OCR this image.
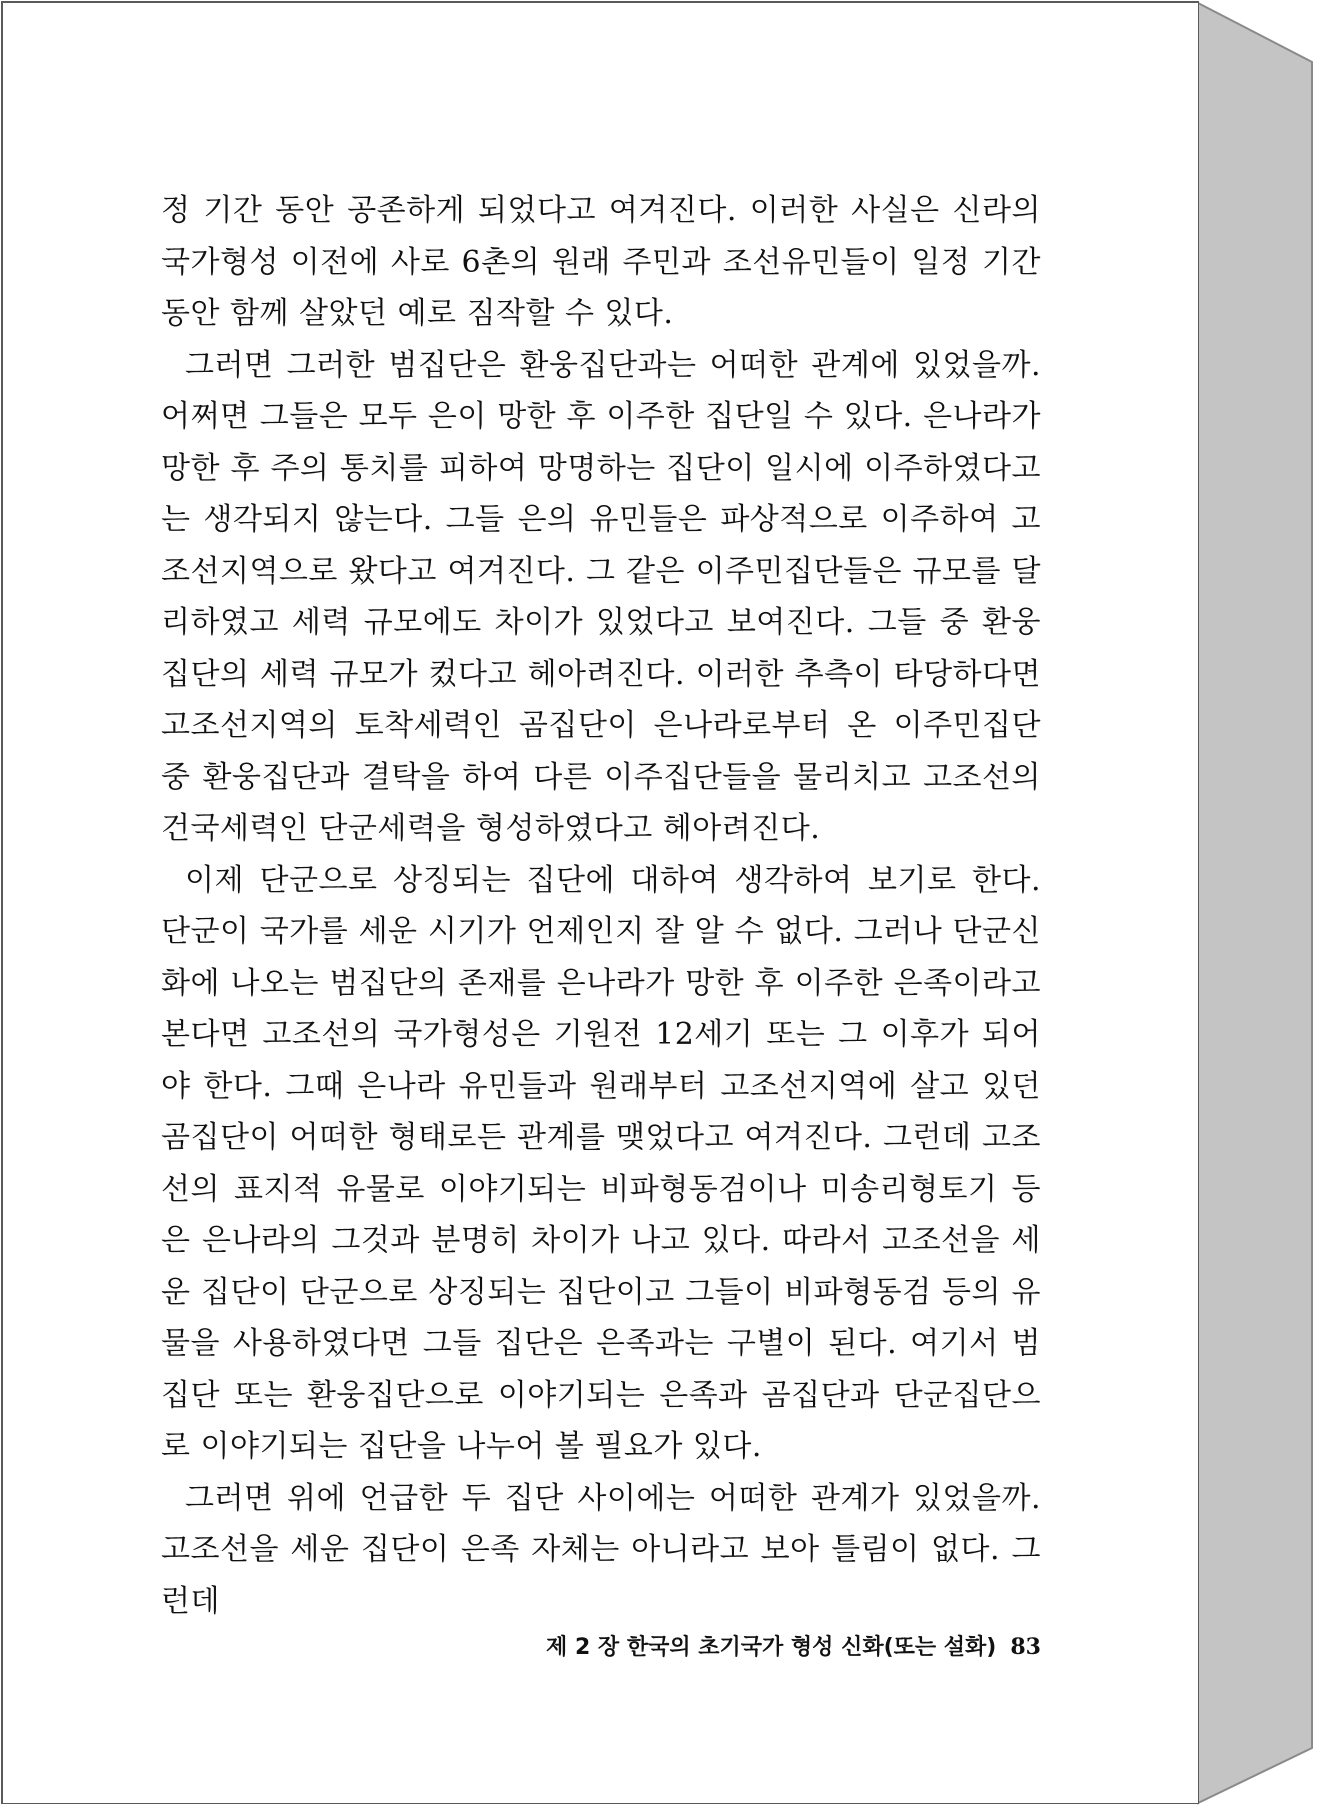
정 기간 동안 공존하게 되었다고 여겨진다. 이러한 사실은 신라의 국가형성 이전에 사로 6촌의 원래 주민과 조선유민들이 일정 기간 동안 함께 살았던 예로 짐작할 수 있다.

그러면 그러한 범집단은 환웅집단과는 어떠한 관계에 있었을까. 어쩌면 그들은 모두 은이 망한 후 이주한 집단일 수 있다. 은나라가 망한 후 주의 통치를 피하여 망명하는 집단이 일시에 이주하였다고는 생각되지 않는다. 그들 은의 유민들은 파상적으로 이주하여 고조선지역으로 왔다고 여겨진다. 그 같은 이주민집단들은 규모를 달리하였고 세력 규모에도 차이가 있었다고 보여진다. 그들 중 환웅집단의 세력 규모가 컸다고 헤아려진다. 이러한 추측이 타당하다면 고조선지역의 토착세력인 곰집단이 은나라로부터 온 이주민집단 중 환웅집단과 결탁을 하여 다른 이주집단들을 물리치고 고조선의 건국세력인 단군세력을 형성하였다고 헤아려진다.

이제 단군으로 상징되는 집단에 대하여 생각하여 보기로 한다. 단군이 국가를 세운 시기가 언제인지 잘 알 수 없다. 그러나 단군신화에 나오는 범집단의 존재를 은나라가 망한 후 이주한 은족이라고 본다면 고조선의 국가형성은 기원전 12세기 또는 그 이후가 되어야 한다. 그때 은나라 유민들과 원래부터 고조선지역에 살고 있던 곰집단이 어떠한 형태로든 관계를 맺었다고 여겨진다. 그런데 고조선의 표지적 유물로 이야기되는 비파형동검이나 미송리형토기 등은 은나라의 그것과 분명히 차이가 나고 있다. 따라서 고조선을 세운 집단이 단군으로 상징되는 집단이고 그들이 비파형동검 등의 유물을 사용하였다면 그들 집단은 은족과는 구별이 된다. 여기서 범집단 또는 환웅집단으로 이야기되는 은족과 곰집단과 단군집단으로 이야기되는 집단을 나누어 볼 필요가 있다.

그러면 위에 언급한 두 집단 사이에는 어떠한 관계가 있었을까. 고조선을 세운 집단이 은족 자체는 아니라고 보아 틀림이 없다. 그런데

제 2 장 한국의 초기국가 형성 신화(또는 설화) 83
